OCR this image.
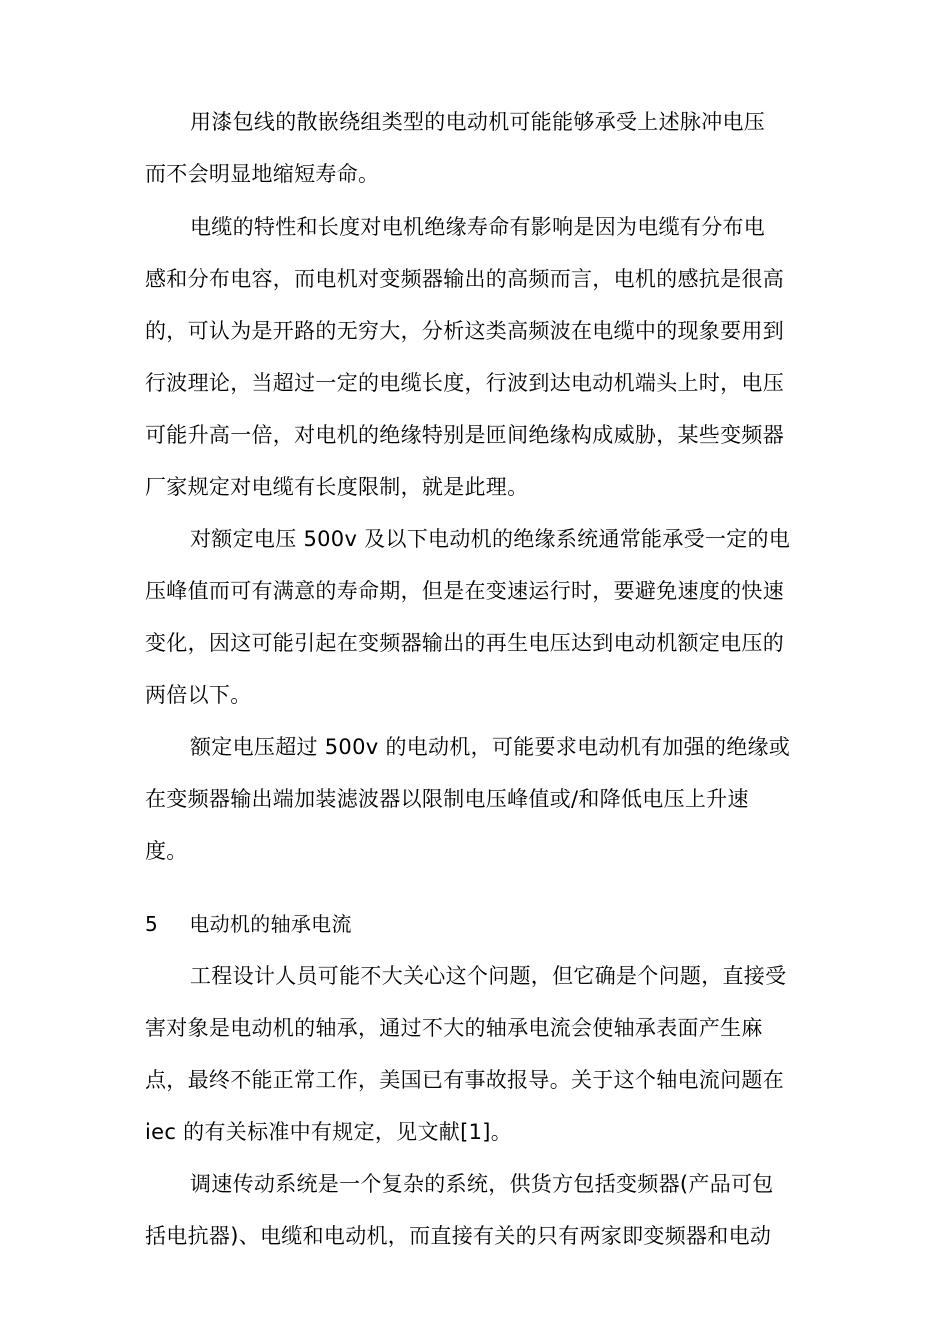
用漆包线的散嵌绕组类型的电动机可能能够承受上述脉冲电压
而不会明显地缩短寿命。
电缆的特性和长度对电机绝缘寿命有影响是因为电缆有分布电
感和分布电容，而电机对变频器输出的高频而言，电机的感抗是很高
的，可认为是开路的无穷大，分析这类高频波在电缆中的现象要用到
行波理论，当超过一定的电缆长度，行波到达电动机端头上时，电压
可能升高一倍，对电机的绝缘特别是匝间绝缘构成威胁，某些变频器
厂家规定对电缆有长度限制，就是此理。
对额定电压 500v 及以下电动机的绝缘系统通常能承受一定的电
压峰值而可有满意的寿命期，但是在变速运行时，要避免速度的快速
变化，因这可能引起在变频器输出的再生电压达到电动机额定电压的
两倍以下。
额定电压超过 500v 的电动机，可能要求电动机有加强的绝缘或
在变频器输出端加装滤波器以限制电压峰值或/和降低电压上升速
度。
5 电动机的轴承电流
工程设计人员可能不大关心这个问题，但它确是个问题，直接受
害对象是电动机的轴承，通过不大的轴承电流会使轴承表面产生麻
点，最终不能正常工作，美国已有事故报导。关于这个轴电流问题在
iec 的有关标准中有规定，见文献[1]。
调速传动系统是一个复杂的系统，供货方包括变频器(产品可包
括电抗器)、电缆和电动机，而直接有关的只有两家即变频器和电动
